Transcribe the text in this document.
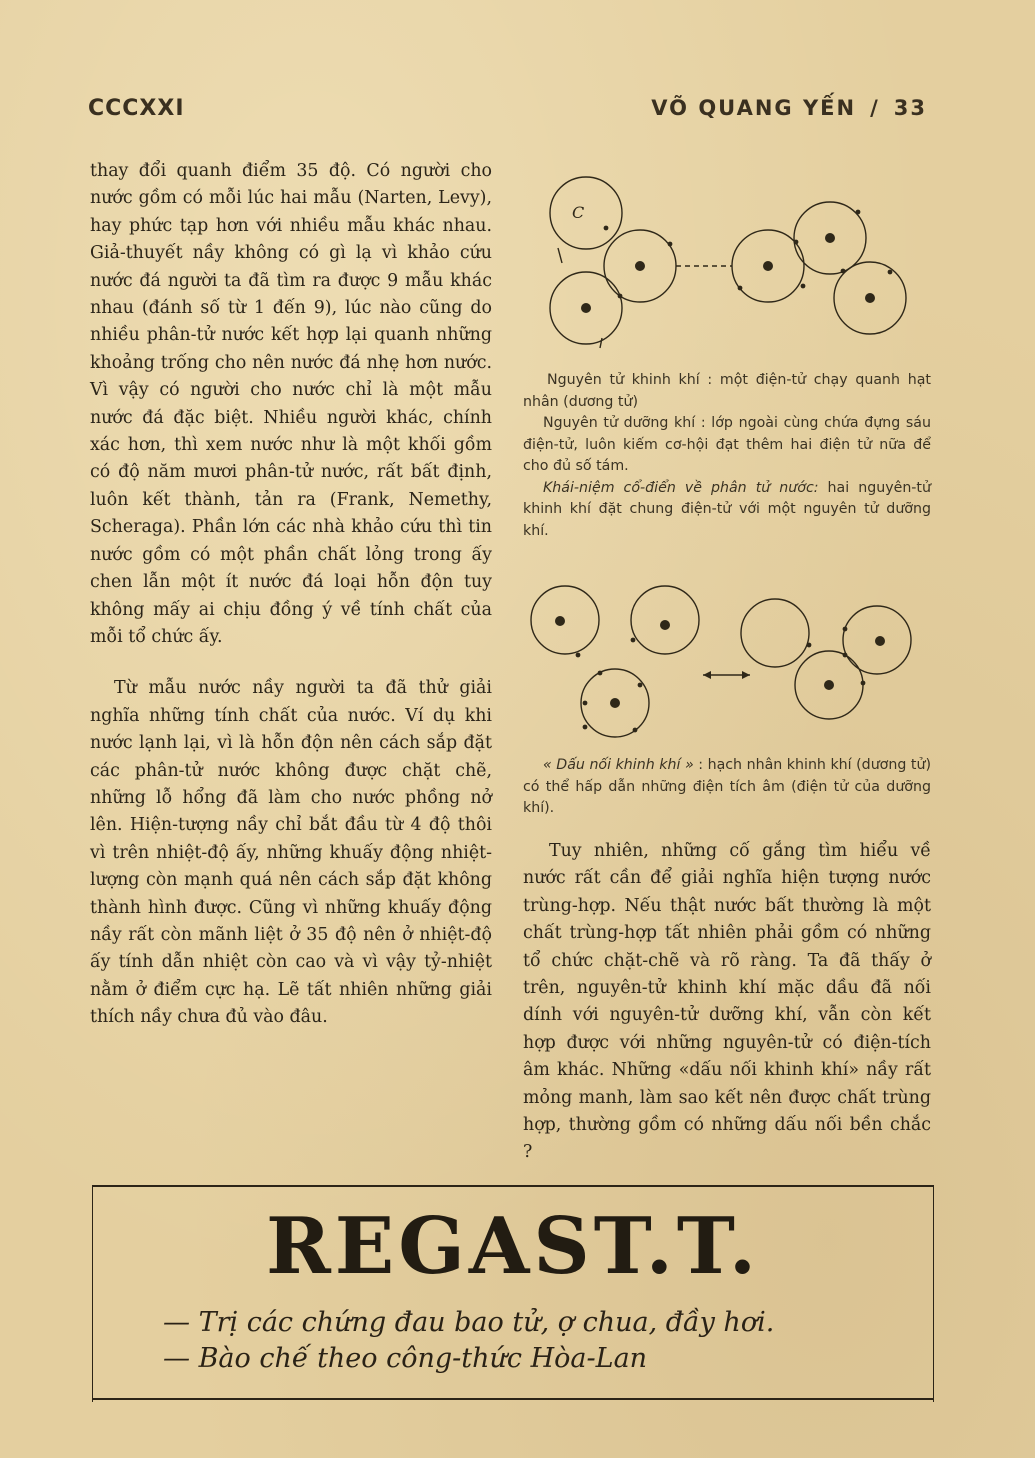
CCCXXI	VÕ QUANG YẾN / 33

thay đổi quanh điểm 35 độ. Có người cho nước gồm có mỗi lúc hai mẫu (Narten, Levy), hay phức tạp hơn với nhiều mẫu khác nhau. Giả-thuyết nầy không có gì lạ vì khảo cứu nước đá người ta đã tìm ra được 9 mẫu khác nhau (đánh số từ 1 đến 9), lúc nào cũng do nhiều phân-tử nước kết hợp lại quanh những khoảng trống cho nên nước đá nhẹ hơn nước. Vì vậy có người cho nước chỉ là một mẫu nước đá đặc biệt. Nhiều người khác, chính xác hơn, thì xem nước như là một khối gồm có độ năm mươi phân-tử nước, rất bất định, luôn kết thành, tản ra (Frank, Nemethy, Scheraga). Phần lớn các nhà khảo cứu thì tin nước gồm có một phần chất lỏng trong ấy chen lẫn một ít nước đá loại hỗn độn tuy không mấy ai chịu đồng ý về tính chất của mỗi tổ chức ấy.

Từ mẫu nước nầy người ta đã thử giải nghĩa những tính chất của nước. Ví dụ khi nước lạnh lại, vì là hỗn độn nên cách sắp đặt các phân-tử nước không được chặt chẽ, những lỗ hổng đã làm cho nước phồng nở lên. Hiện-tượng nầy chỉ bắt đầu từ 4 độ thôi vì trên nhiệt-độ ấy, những khuấy động nhiệt-lượng còn mạnh quá nên cách sắp đặt không thành hình được. Cũng vì những khuấy động nầy rất còn mãnh liệt ở 35 độ nên ở nhiệt-độ ấy tính dẫn nhiệt còn cao và vì vậy tỷ-nhiệt nằm ở điểm cực hạ. Lẽ tất nhiên những giải thích nầy chưa đủ vào đâu.

C

Nguyên tử khinh khí : một điện-tử chạy quanh hạt nhân (dương tử)

Nguyên tử dưỡng khí : lớp ngoài cùng chứa đựng sáu điện-tử, luôn kiếm cơ-hội đạt thêm hai điện tử nữa để cho đủ số tám.

Khái-niệm cổ-điển về phân tử nước: hai nguyên-tử khinh khí đặt chung điện-tử với một nguyên tử dưỡng khí.

« Dấu nối khinh khí » : hạch nhân khinh khí (dương tử) có thể hấp dẫn những điện tích âm (điện tử của dưỡng khí).

Tuy nhiên, những cố gắng tìm hiểu về nước rất cần để giải nghĩa hiện tượng nước trùng-hợp. Nếu thật nước bất thường là một chất trùng-hợp tất nhiên phải gồm có những tổ chức chặt-chẽ và rõ ràng. Ta đã thấy ở trên, nguyên-tử khinh khí mặc dầu đã nối dính với nguyên-tử dưỡng khí, vẫn còn kết hợp được với những nguyên-tử có điện-tích âm khác. Những «dấu nối khinh khí» nầy rất mỏng manh, làm sao kết nên được chất trùng hợp, thường gồm có những dấu nối bền chắc ?
REGAST.T.
— Trị các chứng đau bao tử, ợ chua, đầy hơi.
— Bào chế theo công-thức Hòa-Lan
